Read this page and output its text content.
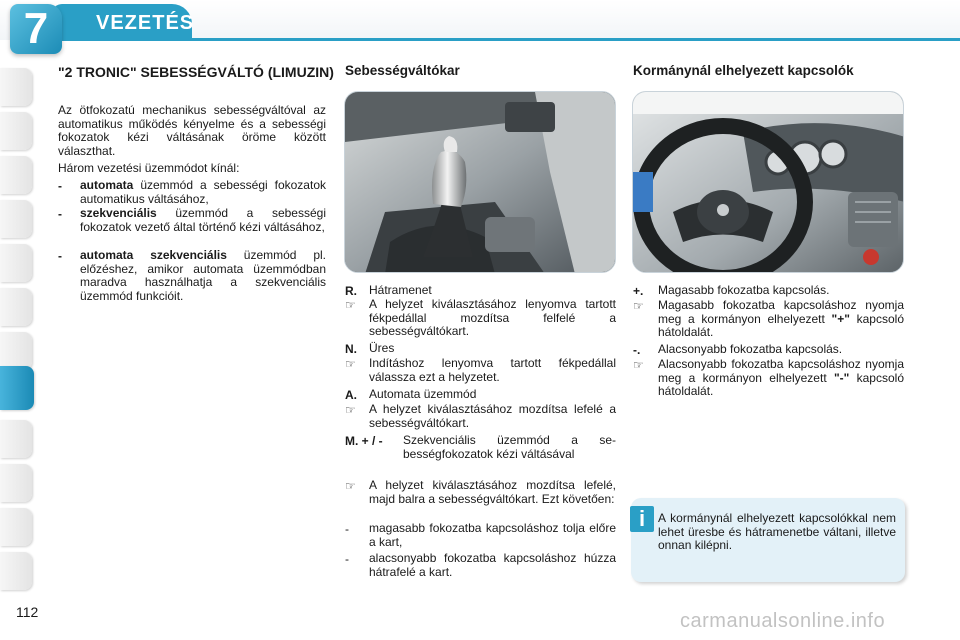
VEZETÉS
7
"2 TRONIC" SEBESSÉGVÁLTÓ (LIMUZIN)
Az ötfokozatú mechanikus sebességváltóval az automatikus működés kényelme és a sebességi fokozatok kézi váltásának öröme között választhat.
Három vezetési üzemmódot kínál:
- automata üzemmód a sebességi fokozatok automatikus váltásához,
- szekvenciális üzemmód a sebességi fokozatok vezető által történő kézi váltásához,
- automata szekvenciális üzemmód pl. előzéshez, amikor automata üzemmódban maradva használhatja a szekvenciális üzemmód funkcióit.
Sebességváltókar
R. Hátramenet
☞ A helyzet kiválasztásához lenyomva tartott fékpedállal mozdítsa felfelé a sebességváltókart.
N. Üres
☞ Indításhoz lenyomva tartott fékpedállal válassza ezt a helyzetet.
A. Automata üzemmód
☞ A helyzet kiválasztásához mozdítsa lefelé a sebességváltókart.
M. + / - Szekvenciális üzemmód a sebességfokozatok kézi váltásával
☞ A helyzet kiválasztásához mozdítsa lefelé, majd balra a sebességváltókart. Ezt követően:
- magasabb fokozatba kapcsoláshoz tolja előre a kart,
- alacsonyabb fokozatba kapcsoláshoz húzza hátrafelé a kart.
Kormánynál elhelyezett kapcsolók
+. Magasabb fokozatba kapcsolás.
☞ Magasabb fokozatba kapcsoláshoz nyomja meg a kormányon elhelyezett "+" kapcsoló hátoldalát.
-. Alacsonyabb fokozatba kapcsolás.
☞ Alacsonyabb fokozatba kapcsoláshoz nyomja meg a kormányon elhelyezett "-" kapcsoló hátoldalát.
i	A kormánynál elhelyezett kapcsolókkal nem lehet üresbe és hátramenetbe váltani, illetve onnan kilépni.
112	carmanualsonline.info
